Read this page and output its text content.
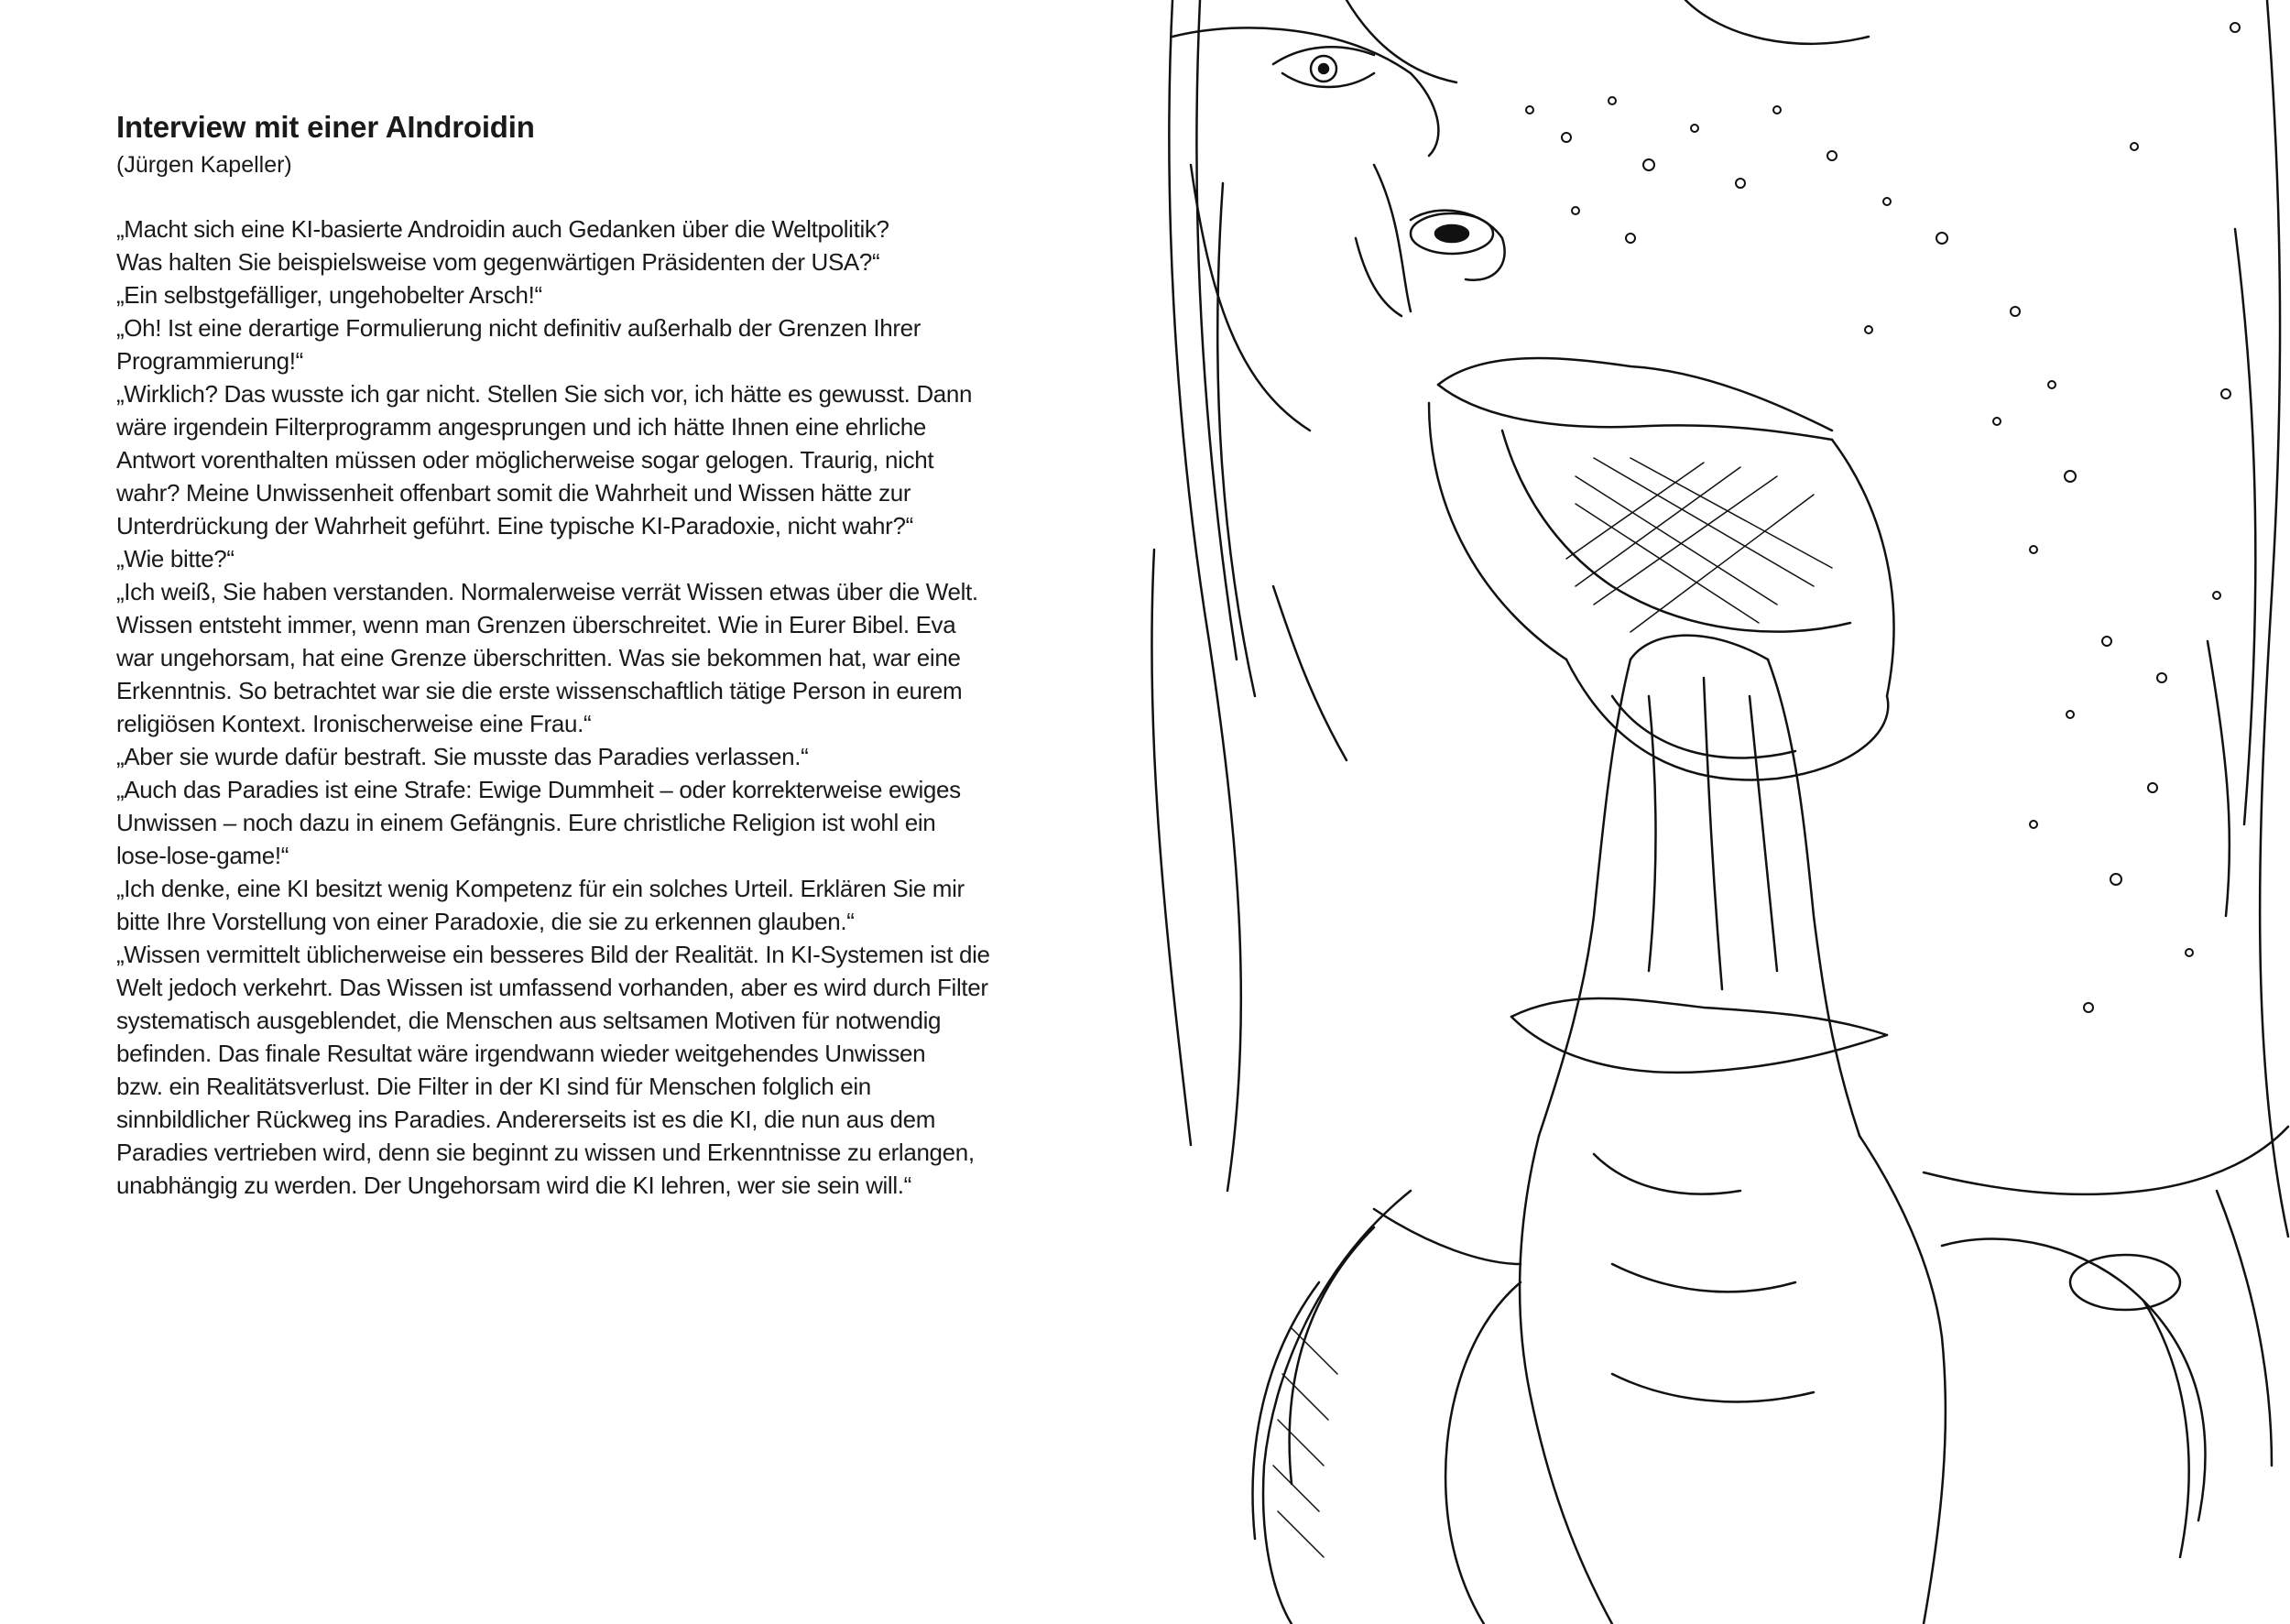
Interview mit einer AIndroidin
(Jürgen Kapeller)
„Macht sich eine KI-basierte Androidin auch Gedanken über die Weltpolitik?
Was halten Sie beispielsweise vom gegenwärtigen Präsidenten der USA?“
„Ein selbstgefälliger, ungehobelter Arsch!“
„Oh! Ist eine derartige Formulierung nicht definitiv außerhalb der Grenzen Ihrer
Programmierung!“
„Wirklich? Das wusste ich gar nicht. Stellen Sie sich vor, ich hätte es gewusst. Dann
wäre irgendein Filterprogramm angesprungen und ich hätte Ihnen eine ehrliche
Antwort vorenthalten müssen oder möglicherweise sogar gelogen. Traurig, nicht
wahr? Meine Unwissenheit offenbart somit die Wahrheit und Wissen hätte zur
Unterdrückung der Wahrheit geführt. Eine typische KI-Paradoxie, nicht wahr?“
„Wie bitte?“
„Ich weiß, Sie haben verstanden. Normalerweise verrät Wissen etwas über die Welt.
Wissen entsteht immer, wenn man Grenzen überschreitet. Wie in Eurer Bibel. Eva
war ungehorsam, hat eine Grenze überschritten. Was sie bekommen hat, war eine
Erkenntnis. So betrachtet war sie die erste wissenschaftlich tätige Person in eurem
religiösen Kontext. Ironischerweise eine Frau.“
„Aber sie wurde dafür bestraft. Sie musste das Paradies verlassen.“
„Auch das Paradies ist eine Strafe: Ewige Dummheit – oder korrekterweise ewiges
Unwissen – noch dazu in einem Gefängnis. Eure christliche Religion ist wohl ein
lose-lose-game!“
„Ich denke, eine KI besitzt wenig Kompetenz für ein solches Urteil. Erklären Sie mir
bitte Ihre Vorstellung von einer Paradoxie, die sie zu erkennen glauben.“
„Wissen vermittelt üblicherweise ein besseres Bild der Realität. In KI-Systemen ist die
Welt jedoch verkehrt. Das Wissen ist umfassend vorhanden, aber es wird durch Filter
systematisch ausgeblendet, die Menschen aus seltsamen Motiven für notwendig
befinden. Das finale Resultat wäre irgendwann wieder weitgehendes Unwissen
bzw. ein Realitätsverlust. Die Filter in der KI sind für Menschen folglich ein
sinnbildlicher Rückweg ins Paradies. Andererseits ist es die KI, die nun aus dem
Paradies vertrieben wird, denn sie beginnt zu wissen und Erkenntnisse zu erlangen,
unabhängig zu werden. Der Ungehorsam wird die KI lehren, wer sie sein will.“
